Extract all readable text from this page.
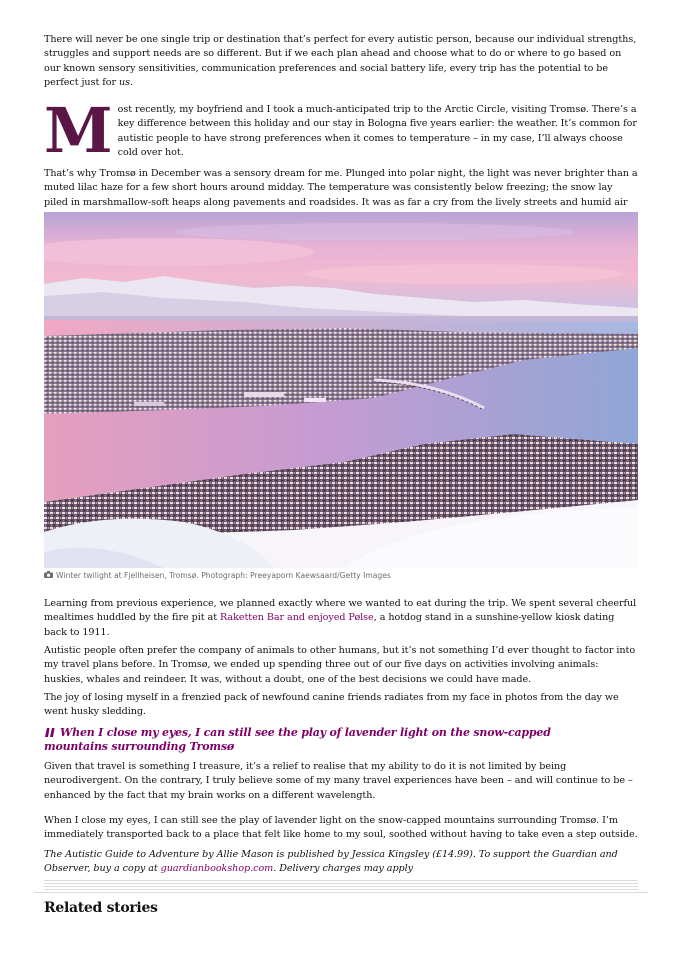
There will never be one single trip or destination that’s perfect for every autistic person, because our individual strengths, struggles and support needs are so different. But if we each plan ahead and choose what to do or where to go based on our known sensory sensitivities, communication preferences and social battery life, every trip has the potential to be perfect just for us.

M ost recently, my boyfriend and I took a much-anticipated trip to the Arctic Circle, visiting Tromsø. There’s a key difference between this holiday and our stay in Bologna five years earlier: the weather. It’s common for autistic people to have strong preferences when it comes to temperature – in my case, I’ll always choose cold over hot.

That’s why Tromsø in December was a sensory dream for me. Plunged into polar night, the light was never brighter than a muted lilac haze for a few short hours around midday. The temperature was consistently below freezing; the snow lay piled in marshmallow-soft heaps along pavements and roadsides. It was as far a cry from the lively streets and humid air

Winter twilight at Fjellheisen, Tromsø. Photograph: Preeyaporn Kaewsaard/Getty Images

Learning from previous experience, we planned exactly where we wanted to eat during the trip. We spent several cheerful mealtimes huddled by the fire pit at Raketten Bar and enjoyed Pølse, a hotdog stand in a sunshine-yellow kiosk dating back to 1911.

Autistic people often prefer the company of animals to other humans, but it’s not something I’d ever thought to factor into my travel plans before. In Tromsø, we ended up spending three out of our five days on activities involving animals: huskies, whales and reindeer. It was, without a doubt, one of the best decisions we could have made.

The joy of losing myself in a frenzied pack of newfound canine friends radiates from my face in photos from the day we went husky sledding.

When I close my eyes, I can still see the play of lavender light on the snow-capped mountains surrounding Tromsø

Given that travel is something I treasure, it’s a relief to realise that my ability to do it is not limited by being neurodivergent. On the contrary, I truly believe some of my many travel experiences have been – and will continue to be – enhanced by the fact that my brain works on a different wavelength.

When I close my eyes, I can still see the play of lavender light on the snow-capped mountains surrounding Tromsø. I’m immediately transported back to a place that felt like home to my soul, soothed without having to take even a step outside.

The Autistic Guide to Adventure by Allie Mason is published by Jessica Kingsley (£14.99). To support the Guardian and Observer, buy a copy at guardianbookshop.com. Delivery charges may apply

Related stories
